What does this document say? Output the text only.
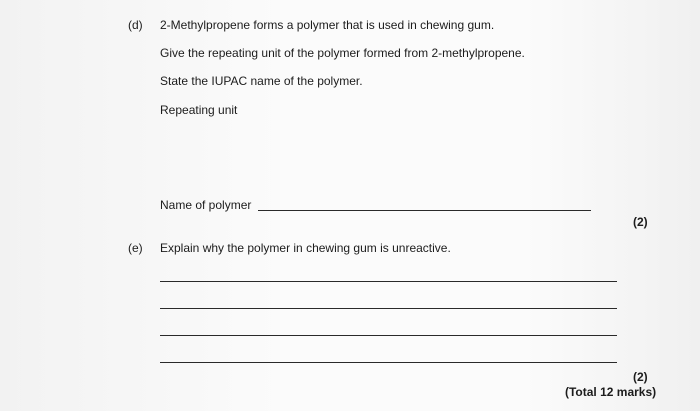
(d) 2-Methylpropene forms a polymer that is used in chewing gum.
Give the repeating unit of the polymer formed from 2-methylpropene.
State the IUPAC name of the polymer.
Repeating unit
Name of polymer
(2)
(e) Explain why the polymer in chewing gum is unreactive.
(2)
(Total 12 marks)
